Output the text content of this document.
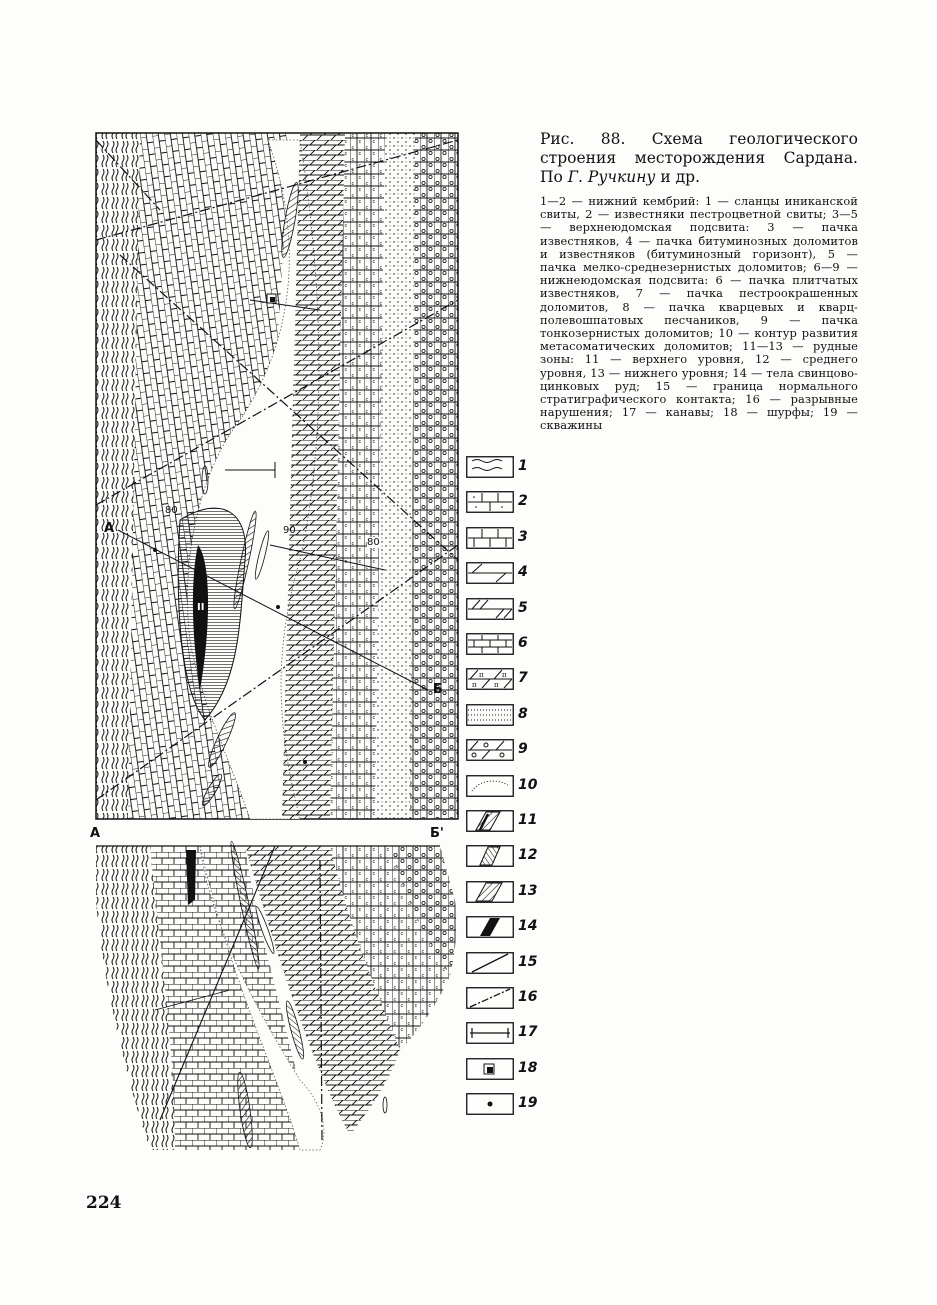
А
Б
А	Б'
80
90
80
II

Рис. 88. Схема геологического строения месторождения Сардана. По Г. Ручкину и др.

1—2 — нижний кембрий: 1 — сланцы иниканской свиты, 2 — известняки пестроцветной свиты; 3—5 — верхнеюдомская подсвита: 3 — пачка известняков, 4 — пачка битуминозных доломитов и известняков (битуминозный горизонт), 5 — пачка мелко-среднезернистых доломитов; 6—9 — нижнеюдомская подсвита: 6 — пачка плитчатых известняков, 7 — пачка пестроокрашенных доломитов, 8 — пачка кварцевых и кварц-полевошпатовых песчаников, 9 — пачка тонкозернистых доломитов; 10 — контур развития метасоматических доломитов; 11—13 — рудные зоны: 11 — верхнего уровня, 12 — среднего уровня, 13 — нижнего уровня; 14 — тела свинцово-цинковых руд; 15 — граница нормального стратиграфического контакта; 16 — разрывные нарушения; 17 — канавы; 18 — шурфы; 19 — скважины

1
2
3
4
5
6
п	п
п п 7
8
9
10
11
12
13
14
15
16
17
18
19
224
